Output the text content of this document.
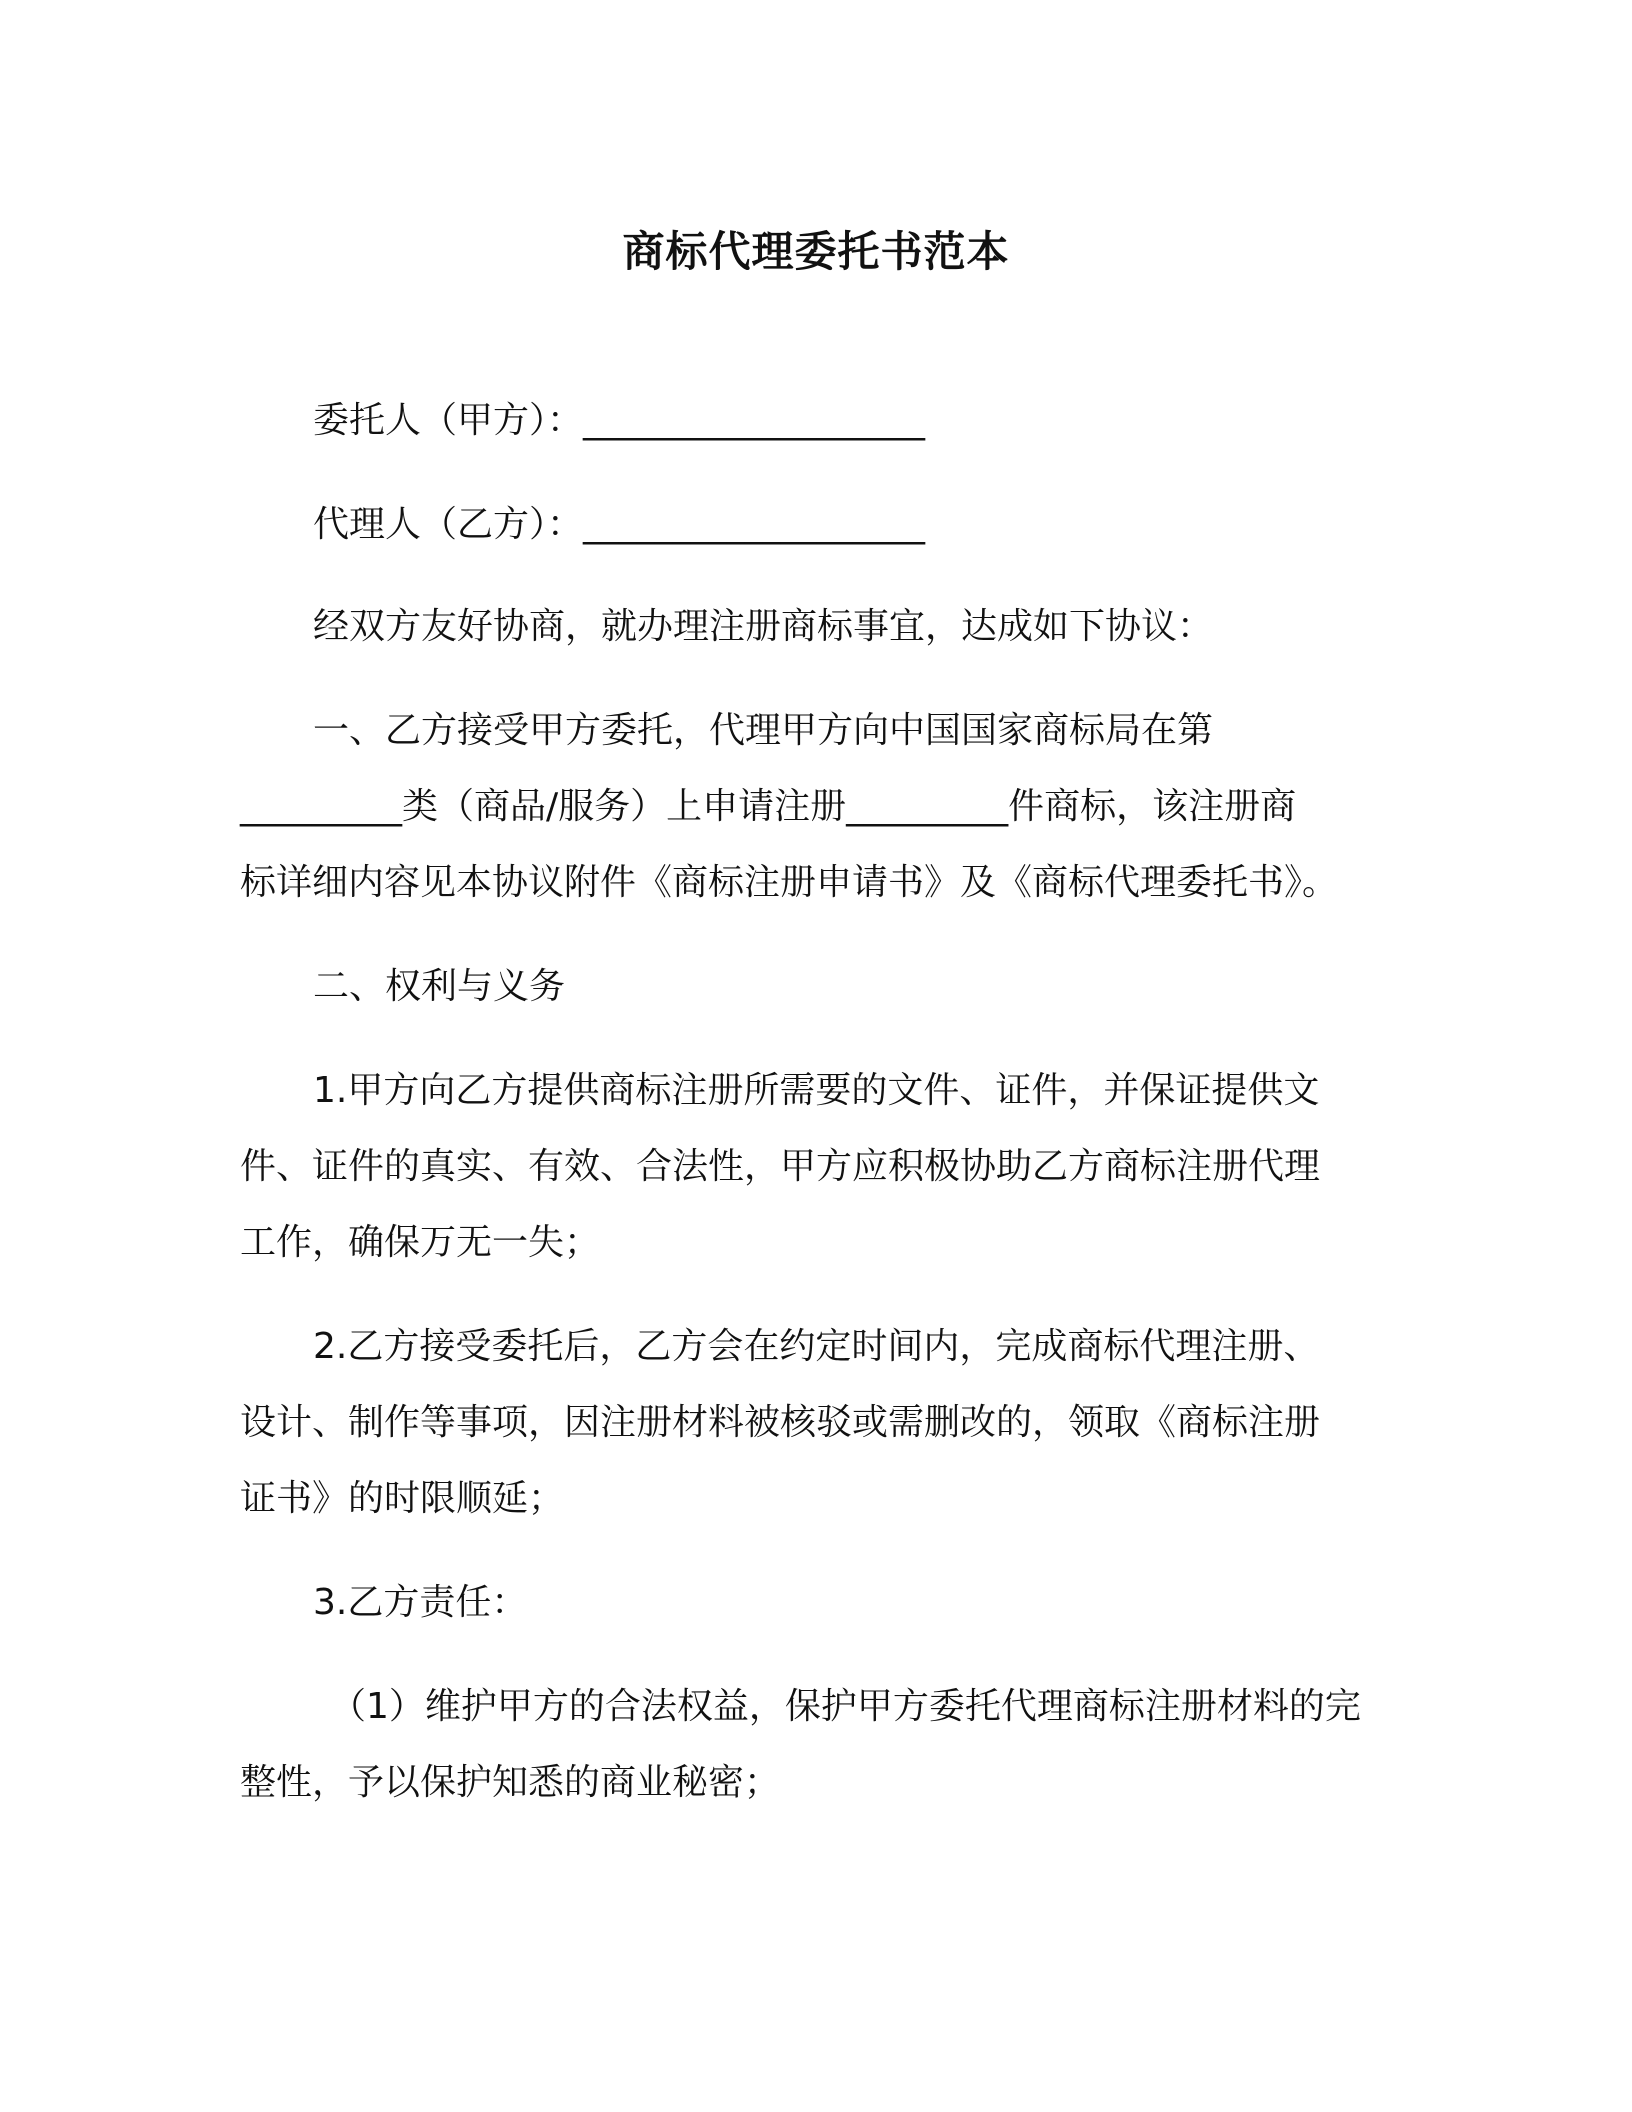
商标代理委托书范本
委托人（甲方）：___________________
代理人（乙方）：___________________
经双方友好协商，就办理注册商标事宜，达成如下协议：
一、乙方接受甲方委托，代理甲方向中国国家商标局在第
_________类（商品/服务）上申请注册_________件商标，该注册商
标详细内容见本协议附件《商标注册申请书》及《商标代理委托书》。
二、权利与义务
1.甲方向乙方提供商标注册所需要的文件、证件，并保证提供文
件、证件的真实、有效、合法性，甲方应积极协助乙方商标注册代理
工作，确保万无一失；
2.乙方接受委托后，乙方会在约定时间内，完成商标代理注册、
设计、制作等事项，因注册材料被核驳或需删改的，领取《商标注册
证书》的时限顺延；
3.乙方责任：
（1）维护甲方的合法权益，保护甲方委托代理商标注册材料的完
整性，予以保护知悉的商业秘密；
